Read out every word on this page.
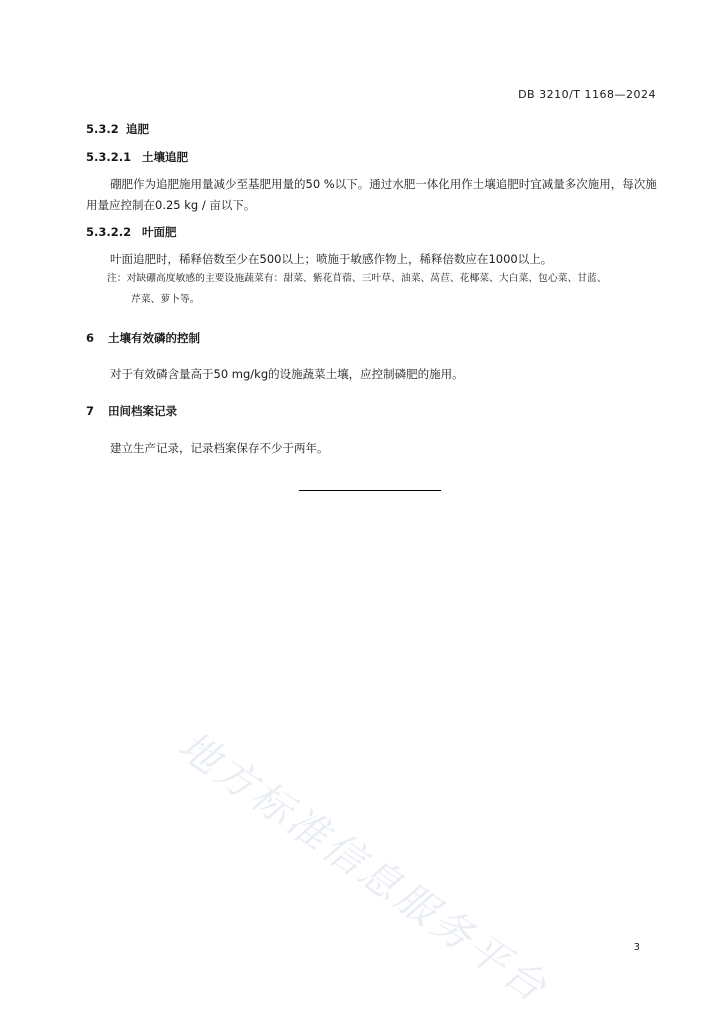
DB 3210/T 1168—2024
5.3.2 追肥
5.3.2.1 土壤追肥
硼肥作为追肥施用量减少至基肥用量的50 %以下。通过水肥一体化用作土壤追肥时宜减量多次施用，每次施用量应控制在0.25 kg / 亩以下。
5.3.2.2 叶面肥
叶面追肥时，稀释倍数至少在500以上；喷施于敏感作物上，稀释倍数应在1000以上。
注：对缺硼高度敏感的主要设施蔬菜有：甜菜、紫花苜蓿、三叶草、油菜、莴苣、花椰菜、大白菜、包心菜、甘蓝、
芹菜、萝卜等。
6 土壤有效磷的控制
对于有效磷含量高于50 mg/kg的设施蔬菜土壤，应控制磷肥的施用。
7 田间档案记录
建立生产记录，记录档案保存不少于两年。
地方标准信息服务平台	3
